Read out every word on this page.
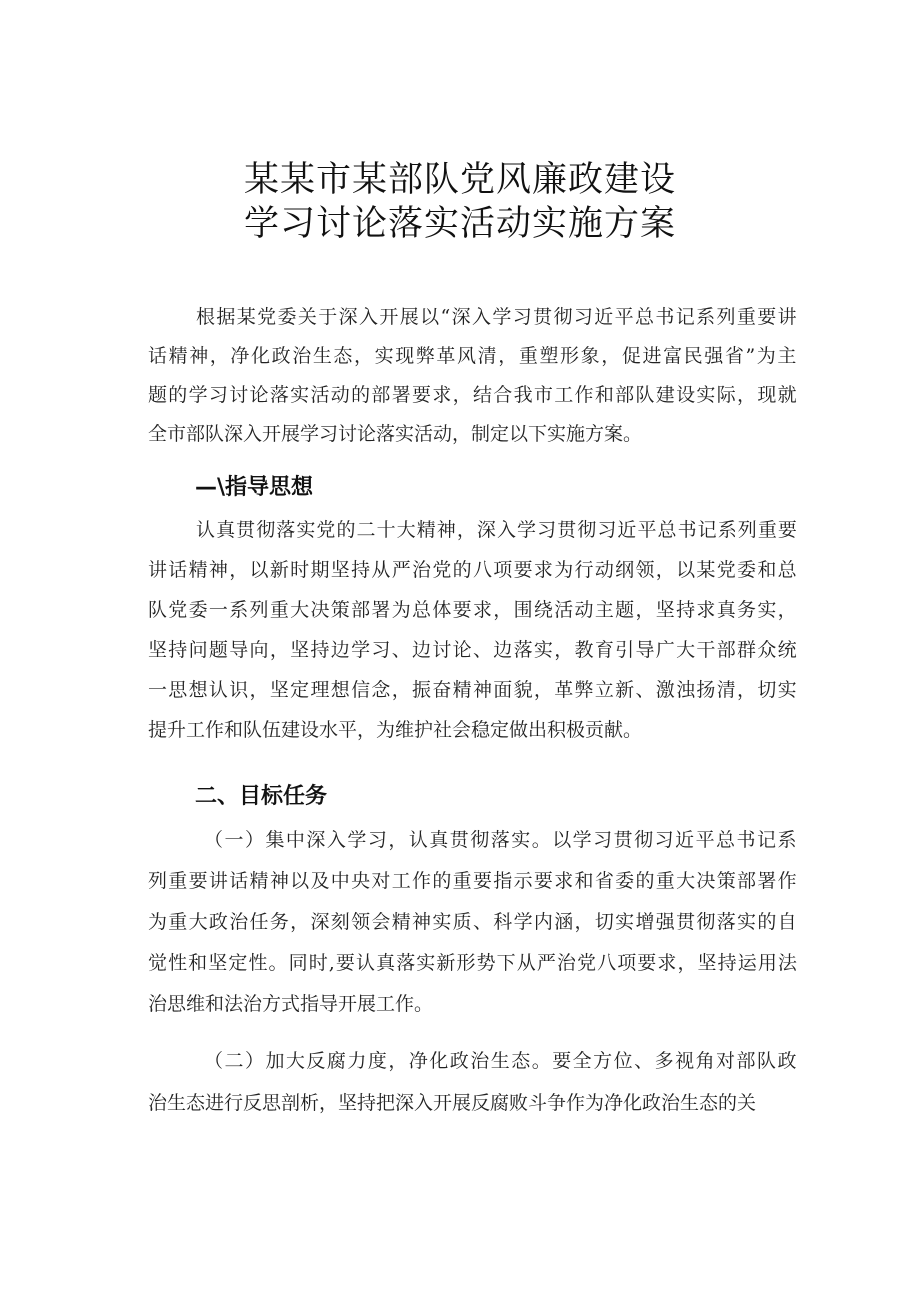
某某市某部队党风廉政建设
学习讨论落实活动实施方案
根据某党委关于深入开展以“深入学习贯彻习近平总书记系列重要讲
话精神，净化政治生态，实现弊革风清，重塑形象，促进富民强省”为主
题的学习讨论落实活动的部署要求，结合我市工作和部队建设实际，现就
全市部队深入开展学习讨论落实活动，制定以下实施方案。
—\指导思想
认真贯彻落实党的二十大精神，深入学习贯彻习近平总书记系列重要
讲话精神，以新时期坚持从严治党的八项要求为行动纲领，以某党委和总
队党委一系列重大决策部署为总体要求，围绕活动主题，坚持求真务实，
坚持问题导向，坚持边学习、边讨论、边落实，教育引导广大干部群众统
一思想认识，坚定理想信念，振奋精神面貌，革弊立新、激浊扬清，切实
提升工作和队伍建设水平，为维护社会稳定做出积极贡献。
二、目标任务
（一）集中深入学习，认真贯彻落实。以学习贯彻习近平总书记系
列重要讲话精神以及中央对工作的重要指示要求和省委的重大决策部署作
为重大政治任务，深刻领会精神实质、科学内涵，切实增强贯彻落实的自
觉性和坚定性。同时,要认真落实新形势下从严治党八项要求，坚持运用法
治思维和法治方式指导开展工作。
（二）加大反腐力度，净化政治生态。要全方位、多视角对部队政
治生态进行反思剖析，坚持把深入开展反腐败斗争作为净化政治生态的关
